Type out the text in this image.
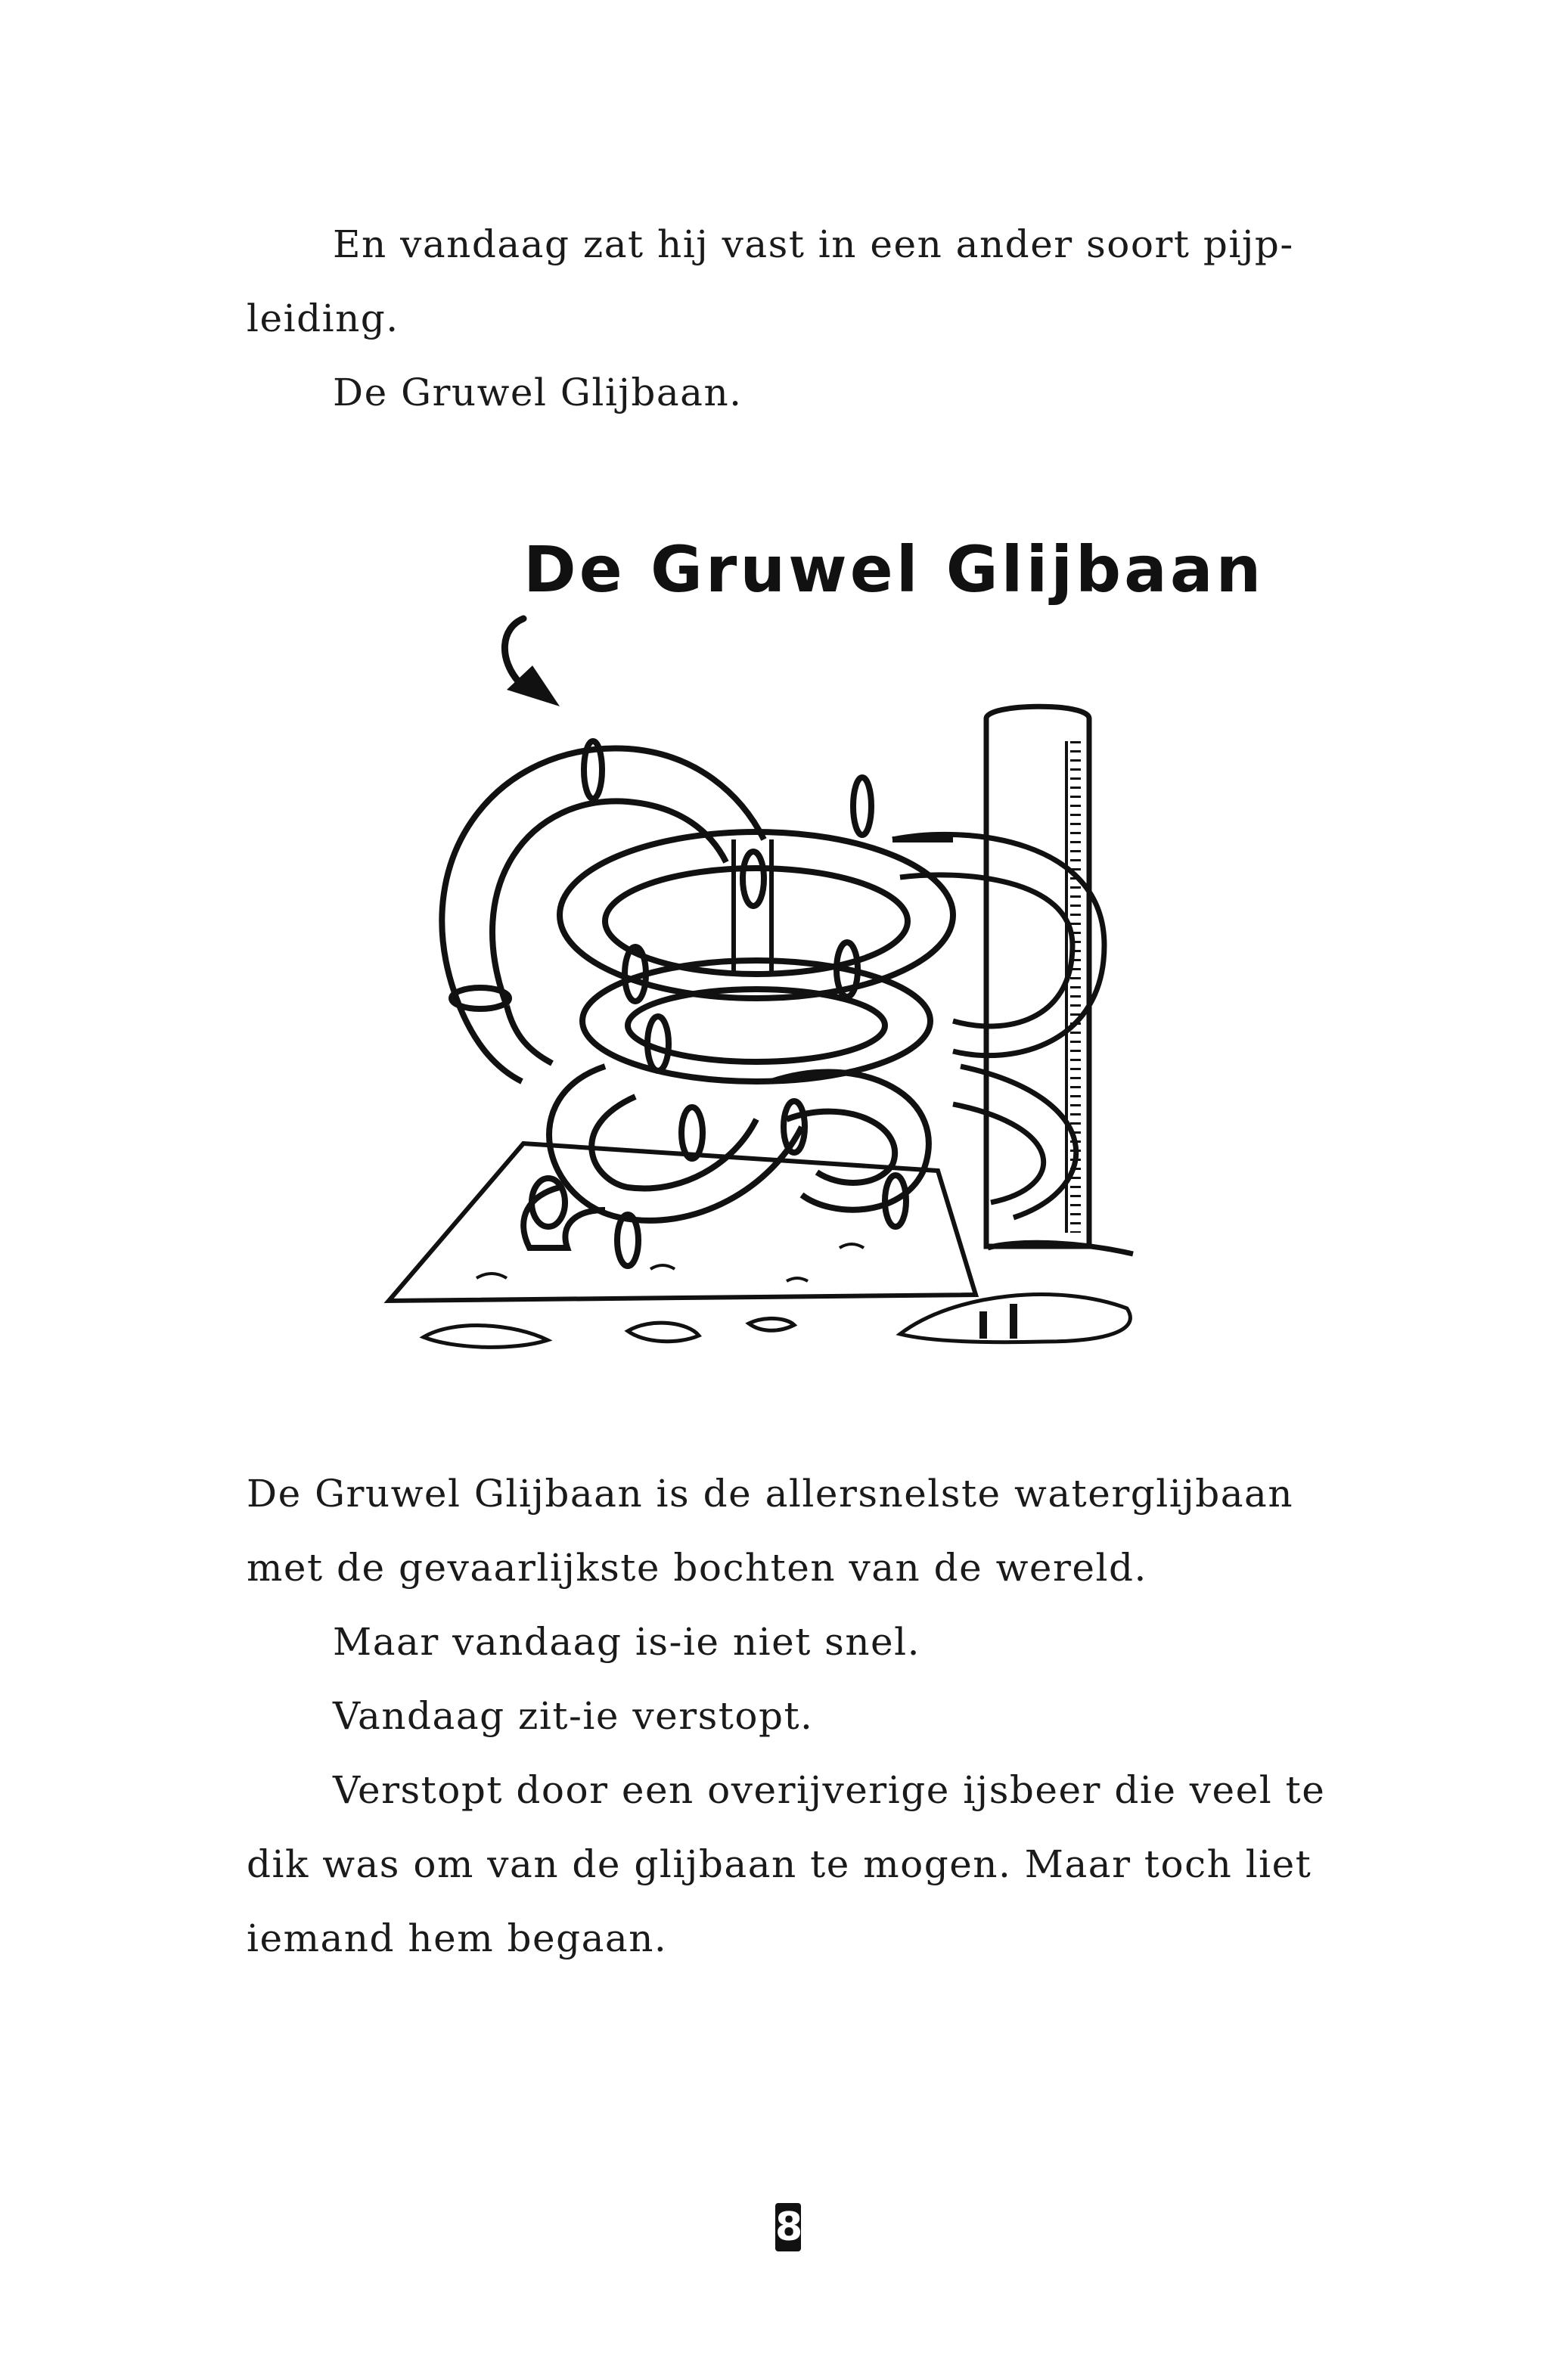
En vandaag zat hij vast in een ander soort pijp-

leiding.

De Gruwel Glijbaan.

De Gruwel Glijbaan

De Gruwel Glijbaan is de allersnelste waterglijbaan

met de gevaarlijkste bochten van de wereld.

Maar vandaag is-ie niet snel.

Vandaag zit-ie verstopt.

Verstopt door een overijverige ijsbeer die veel te

dik was om van de glijbaan te mogen. Maar toch liet

iemand hem begaan.

8
